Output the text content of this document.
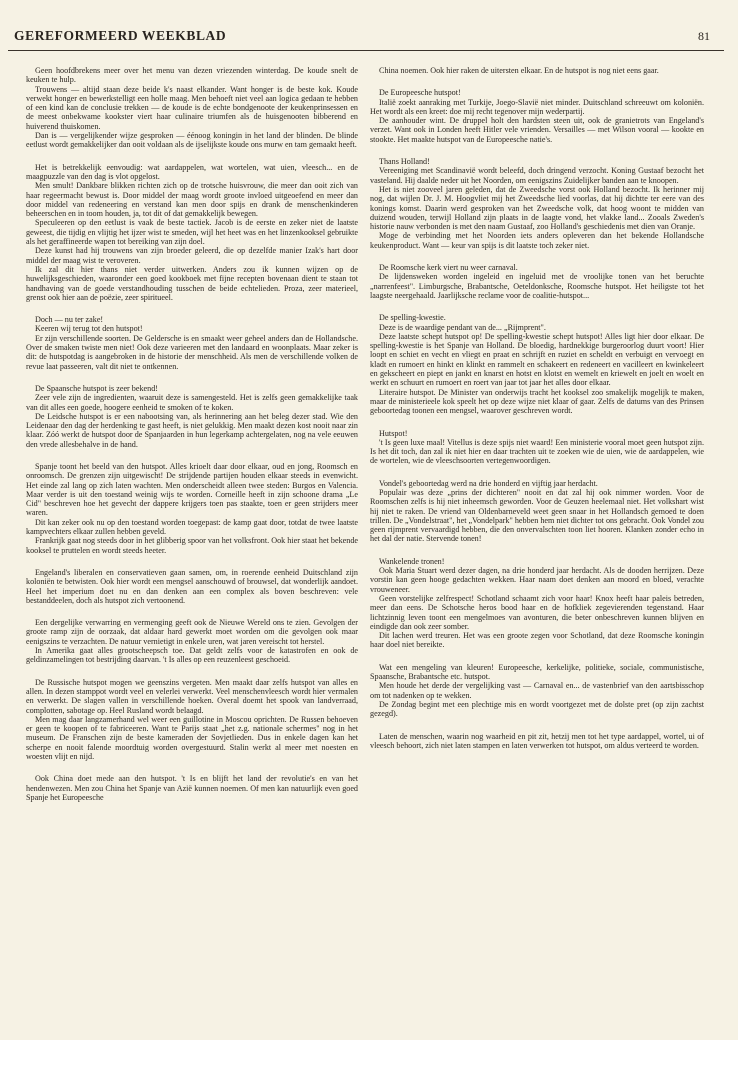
GEREFORMEERD WEEKBLAD	81

Geen hoofdbrekens meer over het menu van dezen vriezenden winterdag. De koude snelt de keuken te hulp.

Trouwens — altijd staan deze beide k's naast elkander. Want honger is de beste kok. Koude verwekt honger en bewerkstelligt een holle maag. Men behoeft niet veel aan logica gedaan te hebben of een kind kan de conclusie trekken — de koude is de echte bondgenoote der keukenprinsessen en de meest onbekwame kookster viert haar culinaire triumfen als de huisgenooten bibberend en huiverend thuiskomen.

Dan is — vergelijkender wijze gesproken — éénoog koningin in het land der blinden. De blinde eetlust wordt gemakkelijker dan ooit voldaan als de ijselijkste koude ons murw en tam gemaakt heeft.

Het is betrekkelijk eenvoudig: wat aardappelen, wat wortelen, wat uien, vleesch... en de maagpuzzle van den dag is vlot opgelost.

Men smult! Dankbare blikken richten zich op de trotsche huisvrouw, die meer dan ooit zich van haar regeermacht bewust is. Door middel der maag wordt groote invloed uitgeoefend en meer dan door middel van redeneering en verstand kan men door spijs en drank de menschenkinderen beheerschen en in toom houden, ja, tot dit of dat gemakkelijk bewegen.

Speculeeren op den eetlust is vaak de beste tactiek. Jacob is de eerste en zeker niet de laatste geweest, die tijdig en vlijtig het ijzer wist te smeden, wijl het heet was en het linzenkooksel gebruikte als het geraffineerde wapen tot bereiking van zijn doel.

Deze kunst had hij trouwens van zijn broeder geleerd, die op dezelfde manier Izak's hart door middel der maag wist te veroveren.

Ik zal dit hier thans niet verder uitwerken. Anders zou ik kunnen wijzen op de huwelijksgeschieden, waaronder een goed kookboek met fijne recepten bovenaan dient te staan tot handhaving van de goede verstandhouding tusschen de beide echtelieden. Proza, zeer materieel, grenst ook hier aan de poëzie, zeer spiritueel.

Doch — nu ter zake!

Keeren wij terug tot den hutspot!

Er zijn verschillende soorten. De Geldersche is en smaakt weer geheel anders dan de Hollandsche. Over de smaken twiste men niet! Ook deze varieeren met den landaard en woonplaats. Maar zeker is dit: de hutspotdag is aangebroken in de historie der menschheid. Als men de verschillende volken de revue laat passeeren, valt dit niet te ontkennen.

De Spaansche hutspot is zeer bekend!

Zeer vele zijn de ingredienten, waaruit deze is samengesteld. Het is zelfs geen gemakkelijke taak van dit alles een goede, hoogere eenheid te smoken of te koken.

De Leidsche hutspot is er een nabootsing van, als herinnering aan het beleg dezer stad. Wie den Leidenaar den dag der herdenking te gast heeft, is niet gelukkig. Men maakt dezen kost nooit naar zin klaar. Zóó werkt de hutspot door de Spanjaarden in hun legerkamp achtergelaten, nog na vele eeuwen den vrede allesbehalve in de hand.

Spanje toont het beeld van den hutspot. Alles krioelt daar door elkaar, oud en jong, Roomsch en onroomsch. De grenzen zijn uitgewischt! De strijdende partijen houden elkaar steeds in evenwicht. Het einde zal lang op zich laten wachten. Men onderscheidt alleen twee steden: Burgos en Valencia. Maar verder is uit den toestand weinig wijs te worden. Corneille heeft in zijn schoone drama „Le Cid" beschreven hoe het gevecht der dappere krijgers toen pas staakte, toen er geen strijders meer waren.

Dit kan zeker ook nu op den toestand worden toegepast: de kamp gaat door, totdat de twee laatste kampvechters elkaar zullen hebben geveld.

Frankrijk gaat nog steeds door in het glibberig spoor van het volksfront. Ook hier staat het bekende kooksel te pruttelen en wordt steeds heeter.

Engeland's liberalen en conservatieven gaan samen, om, in roerende eenheid Duitschland zijn koloniën te betwisten. Ook hier wordt een mengsel aanschouwd of brouwsel, dat wonderlijk aandoet. Heel het imperium doet nu en dan denken aan een complex als boven beschreven: vele bestanddeelen, doch als hutspot zich vertoonend.

Een dergelijke verwarring en vermenging geeft ook de Nieuwe Wereld ons te zien. Gevolgen der groote ramp zijn de oorzaak, dat aldaar hard gewerkt moet worden om die gevolgen ook maar eenigszins te verzachten. De natuur vernietigt in enkele uren, wat jaren vereischt tot herstel.

In Amerika gaat alles grootscheepsch toe. Dat geldt zelfs voor de katastrofen en ook de geldinzamelingen tot bestrijding daarvan. 't Is alles op een reuzenleest geschoeid.

De Russische hutspot mogen we geenszins vergeten. Men maakt daar zelfs hutspot van alles en allen. In dezen stamppot wordt veel en velerlei verwerkt. Veel menschenvleesch wordt hier vermalen en verwerkt. De slagen vallen in verschillende hoeken. Overal doemt het spook van landverraad, complotten, sabotage op. Heel Rusland wordt belaagd.

Men mag daar langzamerhand wel weer een guillotine in Moscou oprichten. De Russen behoeven er geen te koopen of te fabriceeren. Want te Parijs staat „het z.g. nationale schermes" nog in het museum. De Franschen zijn de beste kameraden der Sovjetlieden. Dus in enkele dagen kan het scherpe en nooit falende moordtuig worden overgestuurd. Stalin werkt al meer met noesten en woesten vlijt en nijd.

Ook China doet mede aan den hutspot. 't Is en blijft het land der revolutie's en van het hendenwezen. Men zou China het Spanje van Azië kunnen noemen. Of men kan natuurlijk even goed Spanje het Europeesche

China noemen. Ook hier raken de uitersten elkaar. En de hutspot is nog niet eens gaar.

De Europeesche hutspot!

Italië zoekt aanraking met Turkije, Joego-Slavië niet minder. Duitschland schreeuwt om koloniën. Het wordt als een kreet: doe mij recht tegenover mijn wederpartij.

De aanhouder wint. De druppel holt den hardsten steen uit, ook de granietrots van Engeland's verzet. Want ook in Londen heeft Hitler vele vrienden. Versailles — met Wilson vooral — kookte en stookte. Het maakte hutspot van de Europeesche natie's.

Thans Holland!

Vereeniging met Scandinavië wordt beleefd, doch dringend verzocht. Koning Gustaaf bezocht het vasteland. Hij daalde neder uit het Noorden, om eenigszins Zuidelijker banden aan te knoopen.

Het is niet zooveel jaren geleden, dat de Zweedsche vorst ook Holland bezocht. Ik herinner mij nog, dat wijlen Dr. J. M. Hoogvliet mij het Zweedsche lied voorlas, dat hij dichtte ter eere van des konings komst. Daarin werd gesproken van het Zweedsche volk, dat hoog woont te midden van duizend wouden, terwijl Holland zijn plaats in de laagte vond, het vlakke land... Zooals Zweden's historie nauw verbonden is met den naam Gustaaf, zoo Holland's geschiedenis met dien van Oranje.

Moge de verbinding met het Noorden iets anders opleveren dan het bekende Hollandsche keukenproduct. Want — keur van spijs is dit laatste toch zeker niet.

De Roomsche kerk viert nu weer carnaval.

De lijdensweken worden ingeleid en ingeluid met de vroolijke tonen van het beruchte „narrenfeest". Limburgsche, Brabantsche, Oeteldonksche, Roomsche hutspot. Het heiligste tot het laagste neergehaald. Jaarlijksche reclame voor de coalitie-hutspot...

De spelling-kwestie.

Deze is de waardige pendant van de... „Rijmprent".

Deze laatste schept hutspot op! De spelling-kwestie schept hutspot! Alles ligt hier door elkaar. De spelling-kwestie is het Spanje van Holland. De bloedig, hardnekkige burgeroorlog duurt voort! Hier loopt en schiet en vecht en vliegt en praat en schrijft en ruziet en scheldt en verbuigt en vervoegt en kladt en rumoert en hinkt en klinkt en rammelt en schakeert en redeneert en vacilleert en kwinkeleert en gekscheert en piept en jankt en knarst en hotst en klotst en wemelt en kriewelt en joelt en woelt en werkt en schuurt en rumoert en roert van jaar tot jaar het alles door elkaar.

Literaire hutspot. De Minister van onderwijs tracht het kooksel zoo smakelijk mogelijk te maken, maar de ministerieele kok speelt het op deze wijze niet klaar of gaar. Zelfs de datums van des Prinsen geboortedag toonen een mengsel, waarover geschreven wordt.

Hutspot!

't Is geen luxe maal! Vitellus is deze spijs niet waard! Een ministerie vooral moet geen hutspot zijn. Is het dit toch, dan zal ik niet hier en daar trachten uit te zoeken wie de uien, wie de aardappelen, wie de wortelen, wie de vleeschsoorten vertegenwoordigen.

Vondel's geboortedag werd na drie honderd en vijftig jaar herdacht.

Populair was deze „prins der dichteren" nooit en dat zal hij ook nimmer worden. Voor de Roomschen zelfs is hij niet inheemsch geworden. Voor de Geuzen heelemaal niet. Het volkshart wist hij niet te raken. De vriend van Oldenbarneveld weet geen snaar in het Hollandsch gemoed te doen trillen. De „Vondelstraat", het „Vondelpark" hebben hem niet dichter tot ons gebracht. Ook Vondel zou geen rijmprent vervaardigd hebben, die den onvervalschten toon liet hooren. Klanken zonder echo in het dal der natie. Stervende tonen!

Wankelende tronen!

Ook Maria Stuart werd dezer dagen, na drie honderd jaar herdacht. Als de dooden herrijzen. Deze vorstin kan geen hooge gedachten wekken. Haar naam doet denken aan moord en bloed, verachte vrouweneer.

Geen vorstelijke zelfrespect! Schotland schaamt zich voor haar! Knox heeft haar paleis betreden, meer dan eens. De Schotsche heros bood haar en de hofkliek zegevierenden tegenstand. Haar lichtzinnig leven toont een mengelmoes van avonturen, die beter onbeschreven kunnen blijven en eindigde dan ook zeer somber.

Dit lachen werd treuren. Het was een groote zegen voor Schotland, dat deze Roomsche koningin haar doel niet bereikte.

Wat een mengeling van kleuren! Europeesche, kerkelijke, politieke, sociale, communistische, Spaansche, Brabantsche etc. hutspot.

Men houde het derde der vergelijking vast — Carnaval en... de vastenbrief van den aartsbisschop om tot nadenken op te wekken.

De Zondag begint met een plechtige mis en wordt voortgezet met de dolste pret (op zijn zachtst gezegd).

Laten de menschen, waarin nog waarheid en pit zit, hetzij men tot het type aardappel, wortel, ui of vleesch behoort, zich niet laten stampen en laten verwerken tot hutspot, om aldus verteerd te worden.
